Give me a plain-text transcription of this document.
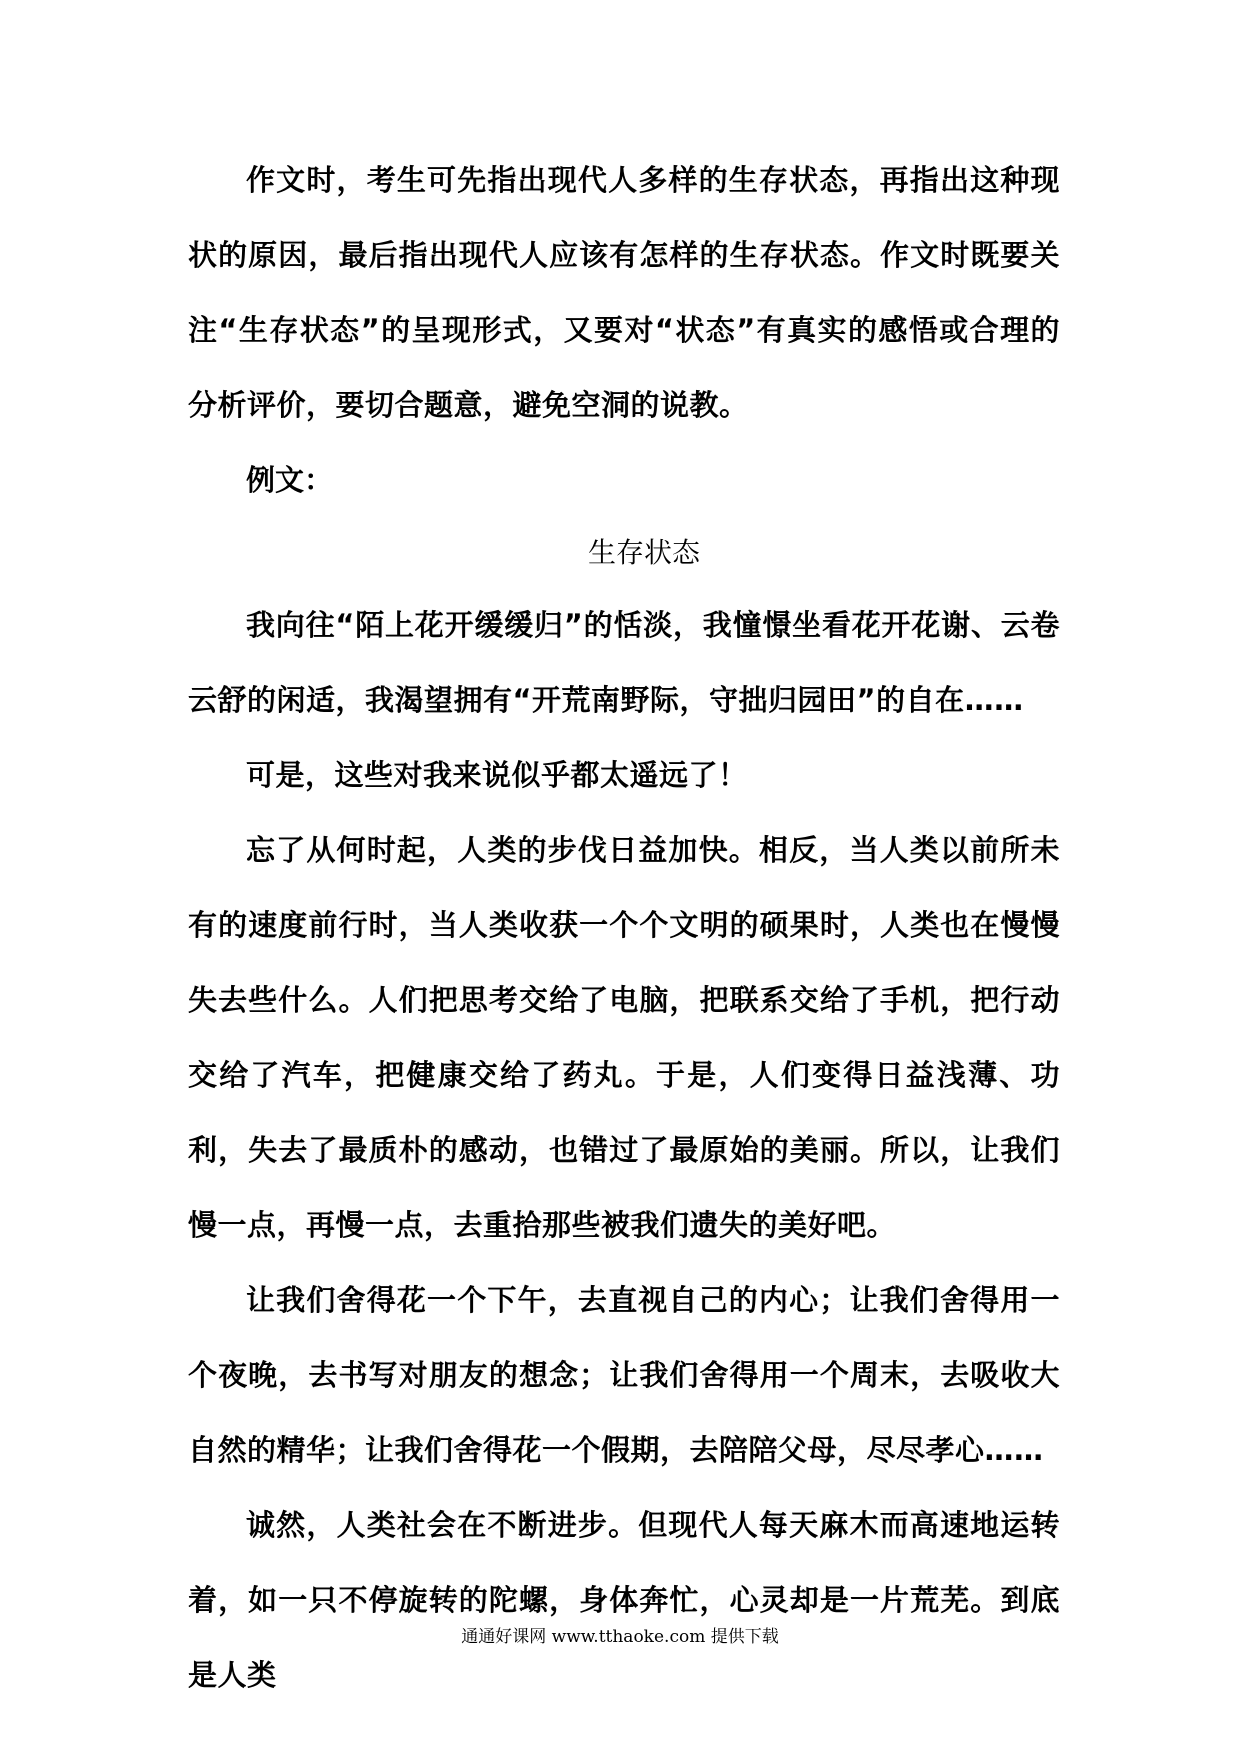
作文时，考生可先指出现代人多样的生存状态，再指出这种现状的原因，最后指出现代人应该有怎样的生存状态。作文时既要关注“生存状态”的呈现形式，又要对“状态”有真实的感悟或合理的分析评价，要切合题意，避免空洞的说教。

例文：

生存状态

我向往“陌上花开缓缓归”的恬淡，我憧憬坐看花开花谢、云卷云舒的闲适，我渴望拥有“开荒南野际，守拙归园田”的自在……

可是，这些对我来说似乎都太遥远了！

忘了从何时起，人类的步伐日益加快。相反，当人类以前所未有的速度前行时，当人类收获一个个文明的硕果时，人类也在慢慢失去些什么。人们把思考交给了电脑，把联系交给了手机，把行动交给了汽车，把健康交给了药丸。于是，人们变得日益浅薄、功利，失去了最质朴的感动，也错过了最原始的美丽。所以，让我们慢一点，再慢一点，去重拾那些被我们遗失的美好吧。

让我们舍得花一个下午，去直视自己的内心；让我们舍得用一个夜晚，去书写对朋友的想念；让我们舍得用一个周末，去吸收大自然的精华；让我们舍得花一个假期，去陪陪父母，尽尽孝心……

诚然，人类社会在不断进步。但现代人每天麻木而高速地运转着，如一只不停旋转的陀螺，身体奔忙，心灵却是一片荒芜。到底是人类

通通好课网 www.tthaoke.com 提供下载
